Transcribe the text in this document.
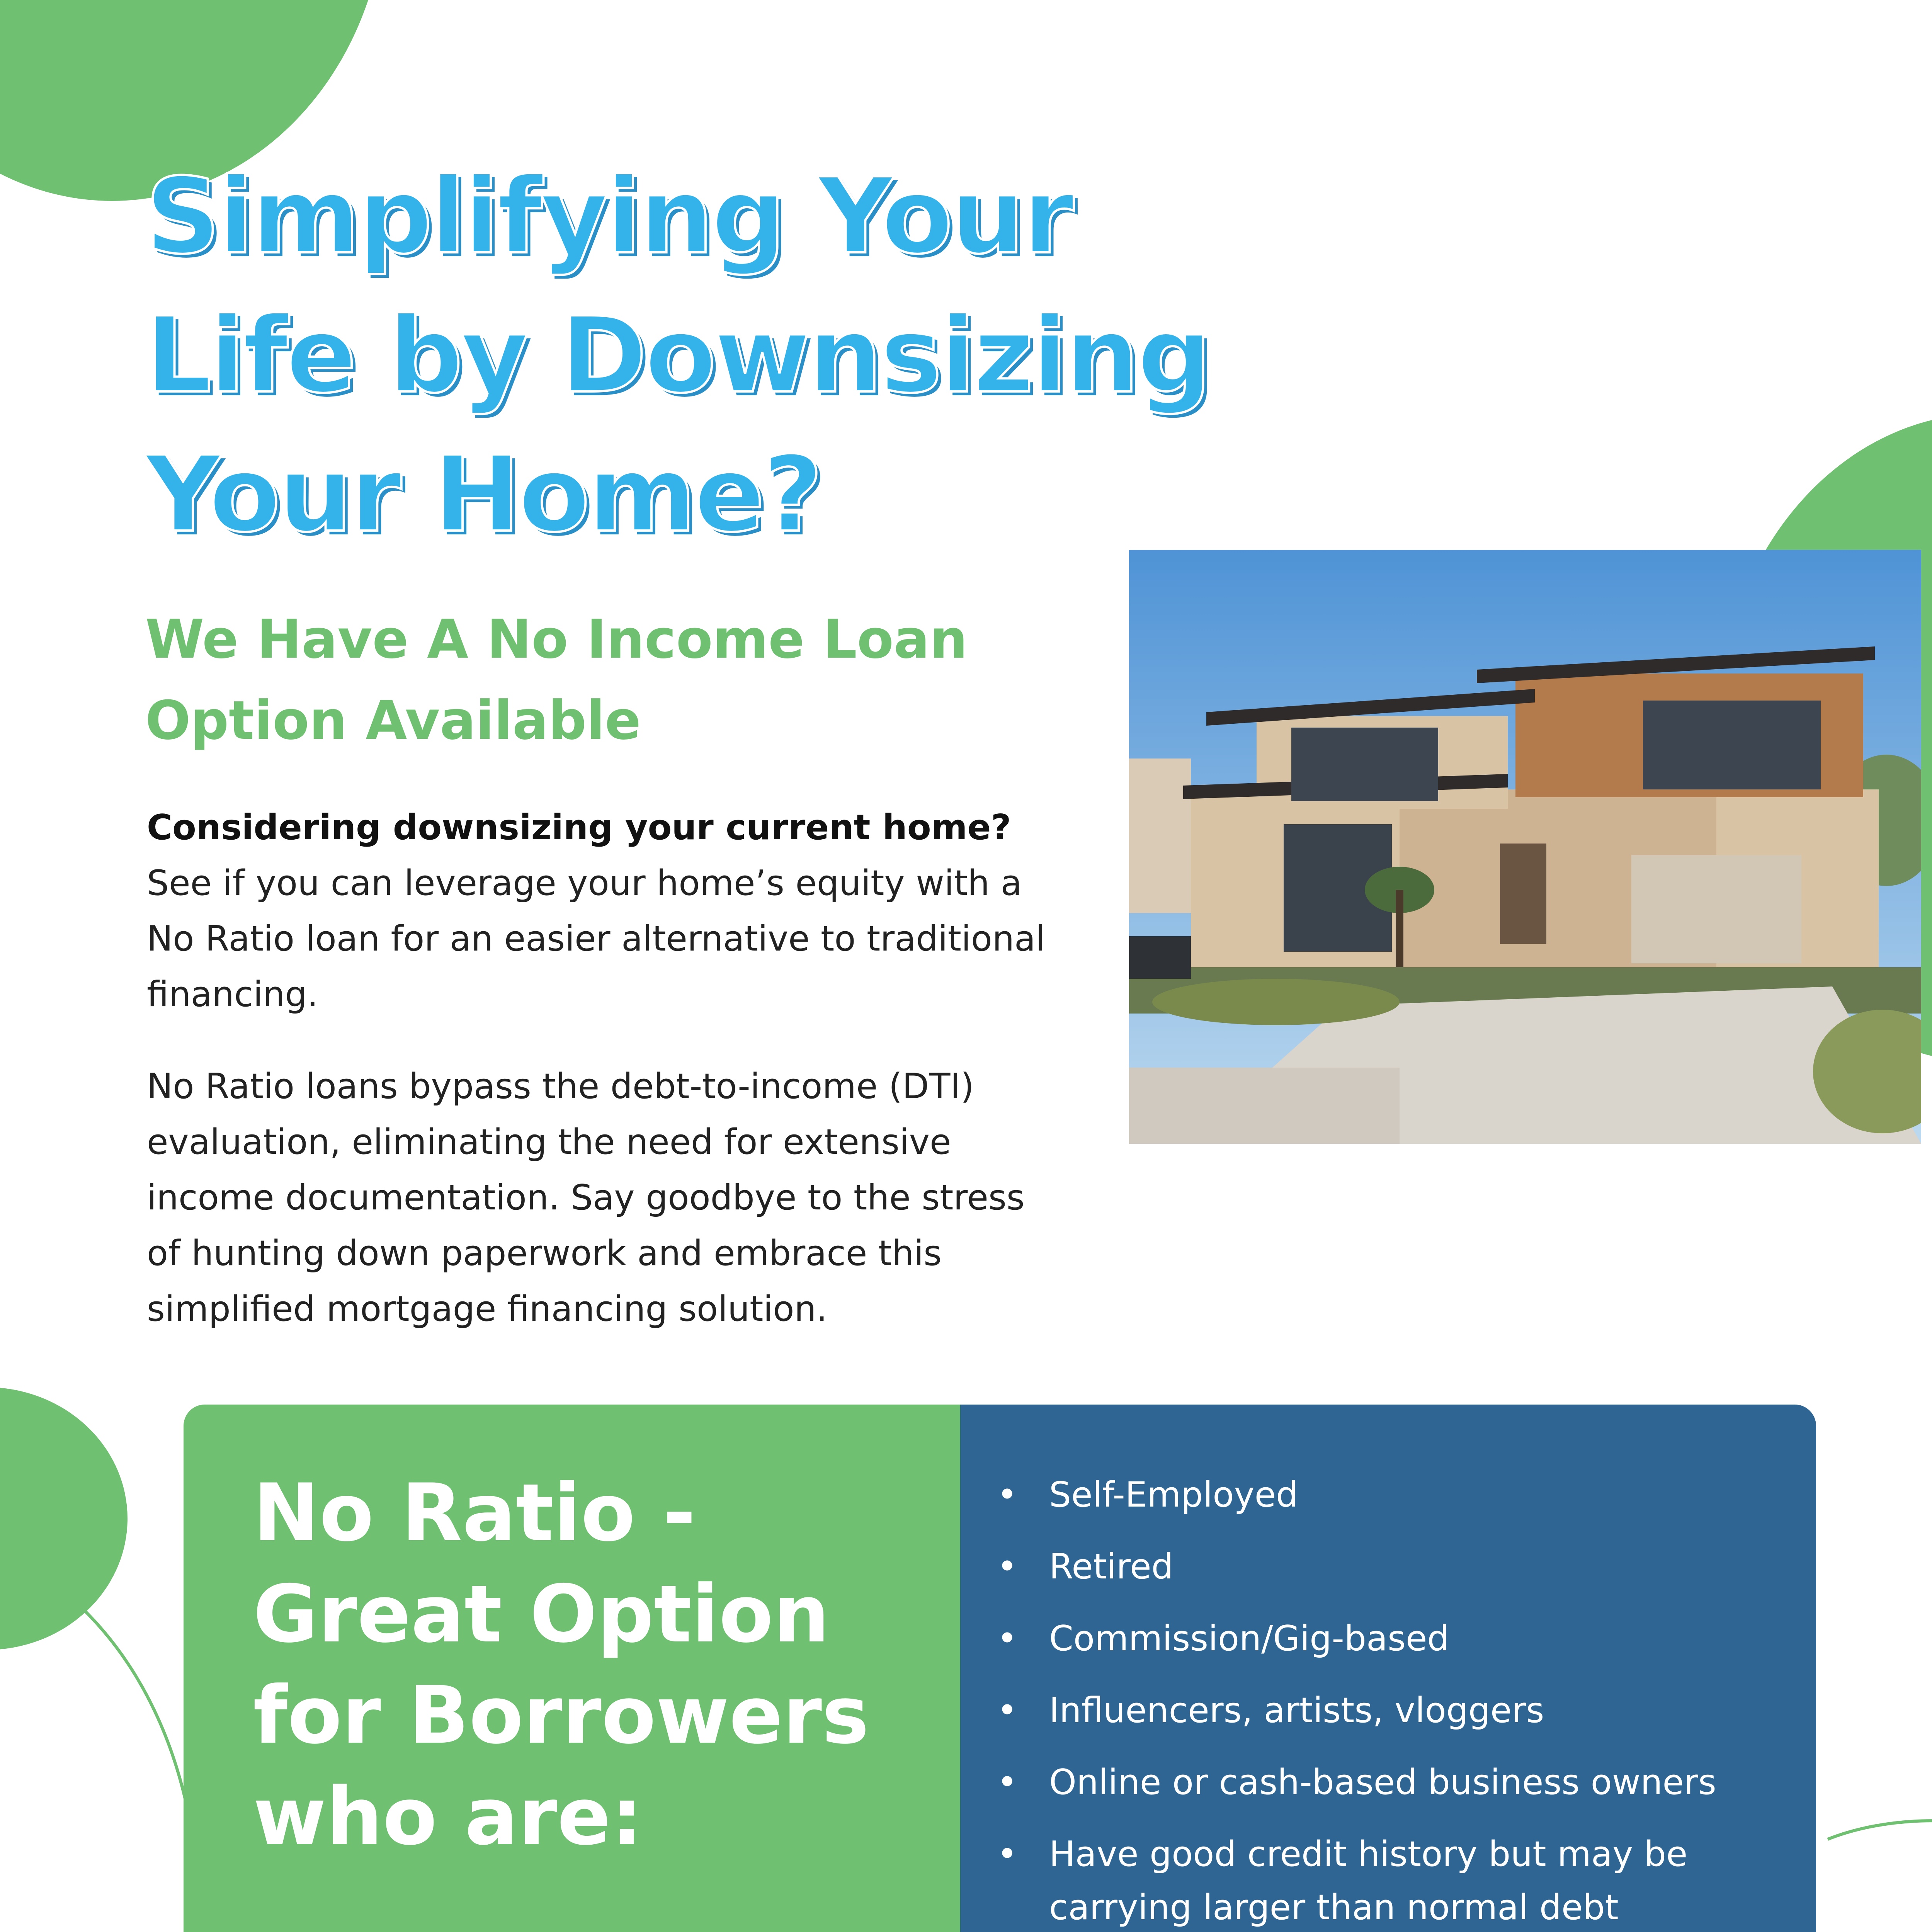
Simplifying Your
Life by Downsizing
Your Home?
We Have A No Income Loan
Option Available

Considering downsizing your current home?
See if you can leverage your home’s equity with a No Ratio loan for an easier alternative to traditional financing.

No Ratio loans bypass the debt-to-income (DTI) evaluation, eliminating the need for extensive income documentation. Say goodbye to the stress of hunting down paperwork and embrace this simplified mortgage financing solution.

No Ratio -
Great Option
for Borrowers
who are:
• Self-Employed
• Retired
• Commission/Gig-based
• Influencers, artists, vloggers
• Online or cash-based business owners
• Have good credit history but may be carrying larger than normal debt
